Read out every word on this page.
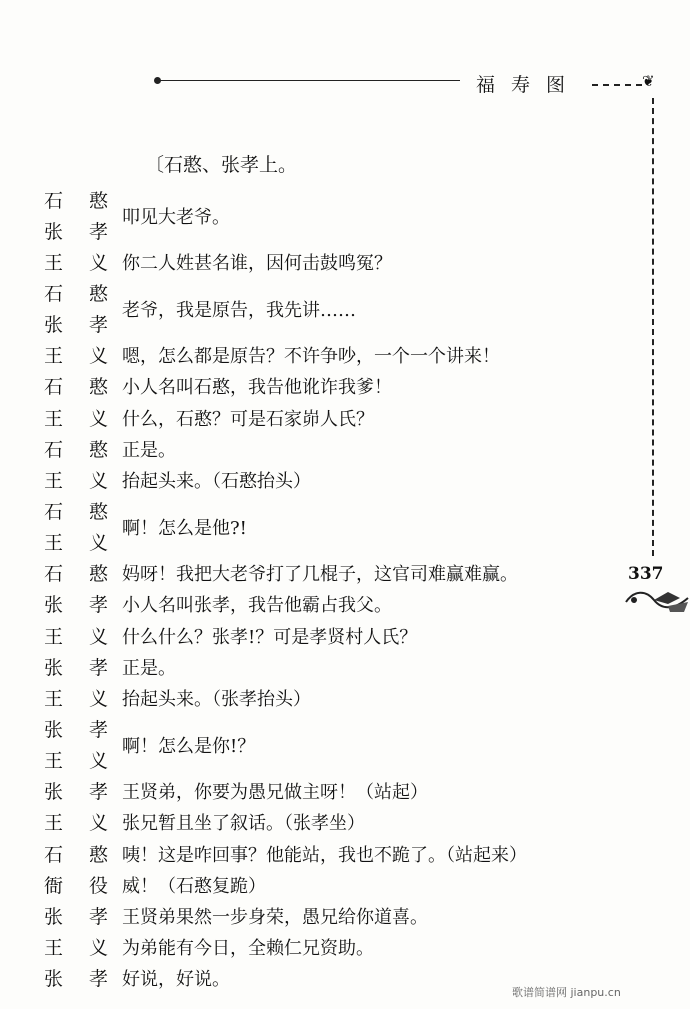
福寿图	❦
337
〔石憨、张孝上。
石 憨
张 孝
叩见大老爷。
王 义 你二人姓甚名谁，因何击鼓鸣冤？
石 憨
张 孝
老爷，我是原告，我先讲……
王 义 嗯，怎么都是原告？不许争吵，一个一个讲来！
石 憨 小人名叫石憨，我告他讹诈我爹！
王 义 什么，石憨？可是石家峁人氏？
石 憨 正是。
王 义 抬起头来。（石憨抬头）
石 憨
王 义
啊！怎么是他?!
石 憨 妈呀！我把大老爷打了几棍子，这官司难赢难赢。
张 孝 小人名叫张孝，我告他霸占我父。
王 义 什么什么？张孝!？可是孝贤村人氏？
张 孝 正是。
王 义 抬起头来。（张孝抬头）
张 孝
王 义
啊！怎么是你!？
张 孝 王贤弟，你要为愚兄做主呀！（站起）
王 义 张兄暂且坐了叙话。（张孝坐）
石 憨 咦！这是咋回事？他能站，我也不跪了。（站起来）
衙 役 威！（石憨复跪）
张 孝 王贤弟果然一步身荣，愚兄给你道喜。
王 义 为弟能有今日，全赖仁兄资助。
张 孝 好说，好说。
歌谱简谱网 jianpu.cn
